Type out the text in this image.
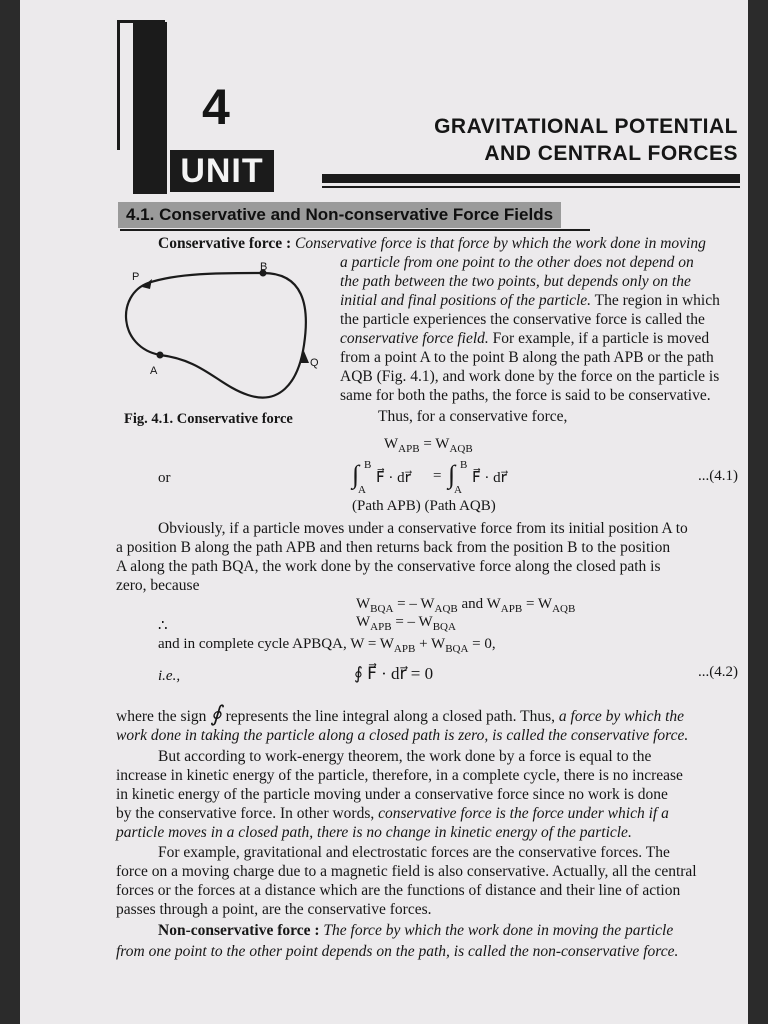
4
UNIT
GRAVITATIONAL POTENTIAL
AND CENTRAL FORCES
4.1. Conservative and Non-conservative Force Fields
P
B
A
Q
Fig. 4.1. Conservative force
Conservative force : Conservative force is that force by which the work done in moving
a particle from one point to the other does not depend on
the path between the two points, but depends only on the
initial and final positions of the particle. The region in which
the particle experiences the conservative force is called the
conservative force field. For example, if a particle is moved
from a point A to the point B along the path APB or the path
AQB (Fig. 4.1), and work done by the force on the particle is
same for both the paths, the force is said to be conservative.
Thus, for a conservative force,
$W_{APB} = W_{AQB}$
or	∫ B
A
F⃗ · dr⃗ = ∫ B
A
F⃗ · dr⃗	...(4.1)
(Path APB) (Path AQB)
Obviously, if a particle moves under a conservative force from its initial position A to
a position B along the path APB and then returns back from the position B to the position
A along the path BQA, the work done by the conservative force along the closed path is
zero, because
$W_{BQA}$ = – $W_{AQB}$ and $W_{APB} = W_{AQB}$
∴	$W_{APB}$ = – $W_{BQA}$
and in complete cycle APBQA, $W = W_{APB} + W_{BQA} = 0$,
i.e.,	∮ F⃗ · dr⃗ = 0	...(4.2)
where the sign ∮ represents the line integral along a closed path. Thus, a force by which the
work done in taking the particle along a closed path is zero, is called the conservative force.
But according to work-energy theorem, the work done by a force is equal to the
increase in kinetic energy of the particle, therefore, in a complete cycle, there is no increase
in kinetic energy of the particle moving under a conservative force since no work is done
by the conservative force. In other words, conservative force is the force under which if a
particle moves in a closed path, there is no change in kinetic energy of the particle.
For example, gravitational and electrostatic forces are the conservative forces. The
force on a moving charge due to a magnetic field is also conservative. Actually, all the central
forces or the forces at a distance which are the functions of distance and their line of action
passes through a point, are the conservative forces.
Non-conservative force : The force by which the work done in moving the particle
from one point to the other point depends on the path, is called the non-conservative force.
